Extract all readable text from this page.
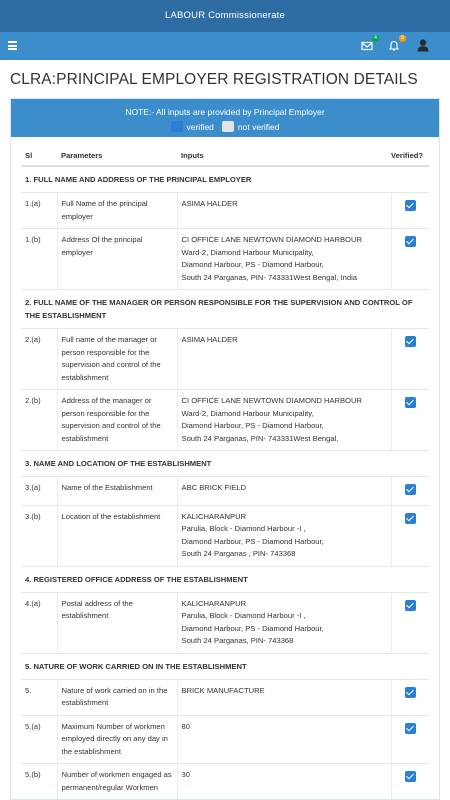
LABOUR Commissionerate
4	9
CLRA:PRINCIPAL EMPLOYER REGISTRATION DETAILS
NOTE:- All inputs are provided by Principal Employer
verified	not verified
Sl	Parameters	Inputs	Verified?
1. FULL NAME AND ADDRESS OF THE PRINCIPAL EMPLOYER			
1.(a)	Full Name of the principal employer	ASIMA HALDER	
1.(b)	Address Of the principal employer	CI OFFICE LANE NEWTOWN DIAMOND HARBOUR
Ward-2, Diamond Harbour Municipality,
Diamond Harbour, PS - Diamond Harbour,
South 24 Parganas, PIN- 743331West Bengal, India	
2. FULL NAME OF THE MANAGER OR PERSON RESPONSIBLE FOR THE SUPERVISION AND CONTROL OF THE ESTABLISHMENT			
2.(a)	Full name of the manager or person responsible for the supervision and control of the establishment	ASIMA HALDER	
2.(b)	Address of the manager or person responsible for the supervision and control of the establishment	CI OFFICE LANE NEWTOWN DIAMOND HARBOUR
Ward-2, Diamond Harbour Municipality,
Diamond Harbour, PS - Diamond Harbour,
South 24 Parganas, PIN- 743331West Bengal,	
3. NAME AND LOCATION OF THE ESTABLISHMENT			
3.(a)	Name of the Establishment	ABC BRICK FIELD	
3.(b)	Location of the establishment	KALICHARANPUR
Parulia, Block - Diamond Harbour -I ,
Diamond Harbour, PS - Diamond Harbour,
South 24 Parganas , PIN- 743368	
4. REGISTERED OFFICE ADDRESS OF THE ESTABLISHMENT			
4.(a)	Postal address of the establishment	KALICHARANPUR
Parulia, Block - Diamond Harbour -I ,
Diamond Harbour, PS - Diamond Harbour,
South 24 Parganas, PIN- 743368	
5. NATURE OF WORK CARRIED ON IN THE ESTABLISHMENT			
5.	Nature of work carried on in the establishment	BRICK MANUFACTURE	
5.(a)	Maximum Number of workmen employed directly on any day in the establishment	80	
5.(b)	Number of workmen engaged as permanent/regular Workmen	30	
